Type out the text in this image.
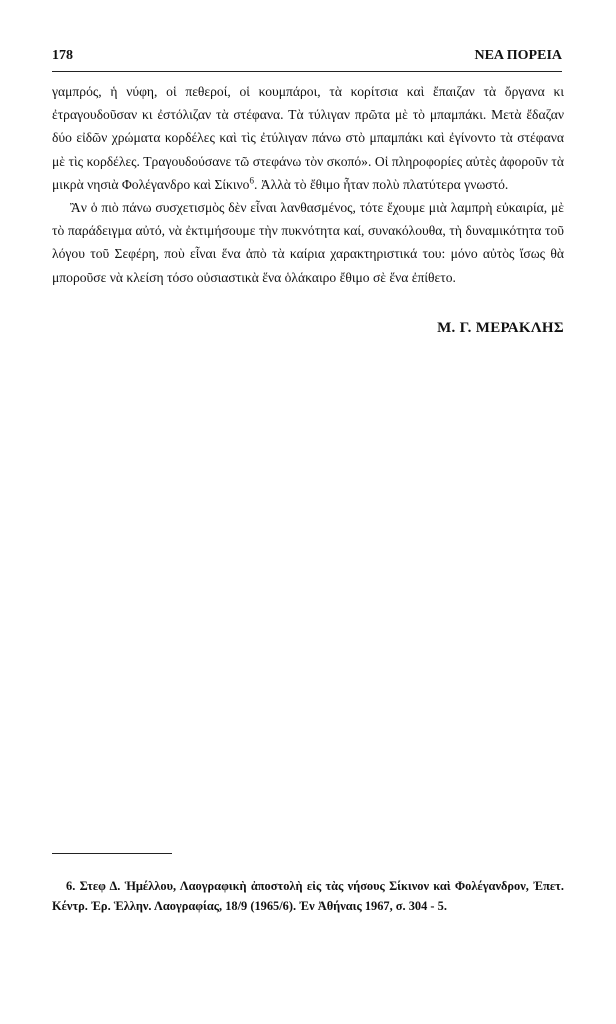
178	ΝΕΑ ΠΟΡΕΙΑ

γαμπρός, ἡ νύφη, οἱ πεθεροί, οἱ κουμπάροι, τὰ κορίτσια καὶ ἔπαιζαν τὰ ὄργανα κι ἐτραγουδοῦσαν κι ἐστόλιζαν τὰ στέφανα. Τὰ τύλιγαν πρῶτα μὲ τὸ μπαμπάκι. Μετὰ ἔδαζαν δύο εἰδῶν χρώματα κορδέλες καὶ τὶς ἐτύλιγαν πάνω στὸ μπαμπάκι καὶ ἐγίνοντο τὰ στέφανα μὲ τὶς κορδέλες. Τραγουδούσανε τῶ στεφάνω τὸν σκοπό». Οἱ πληροφορίες αὐτὲς ἀφοροῦν τὰ μικρὰ νησιὰ Φολέγανδρο καὶ Σίκινο$^6$. Ἀλλὰ τὸ ἔθιμο ἦταν πολὺ πλατύτερα γνωστό.

Ἂν ὁ πιὸ πάνω συσχετισμὸς δὲν εἶναι λανθασμένος, τότε ἔχουμε μιὰ λαμπρὴ εὐκαιρία, μὲ τὸ παράδειγμα αὐτό, νὰ ἐκτιμήσουμε τὴν πυκνότητα καί, συνακόλουθα, τὴ δυναμικότητα τοῦ λόγου τοῦ Σεφέρη, ποὺ εἶναι ἕνα ἀπὸ τὰ καίρια χαρακτηριστικά του: μόνο αὐτὸς ἴσως θὰ μποροῦσε νὰ κλείση τόσο οὐσιαστικὰ ἕνα ὁλάκαιρο ἔθιμο σὲ ἕνα ἐπίθετο.

Μ. Γ. ΜΕΡΑΚΛΗΣ
6. Στεφ Δ. Ἡμέλλου, Λαογραφικὴ ἀποστολὴ εἰς τὰς νήσους Σίκινον καὶ Φολέγανδρον, Ἐπετ. Κέντρ. Ἐρ. Ἑλλην. Λαογραφίας, 18/9 (1965/6). Ἐν Ἀθήναις 1967, σ. 304 - 5.
